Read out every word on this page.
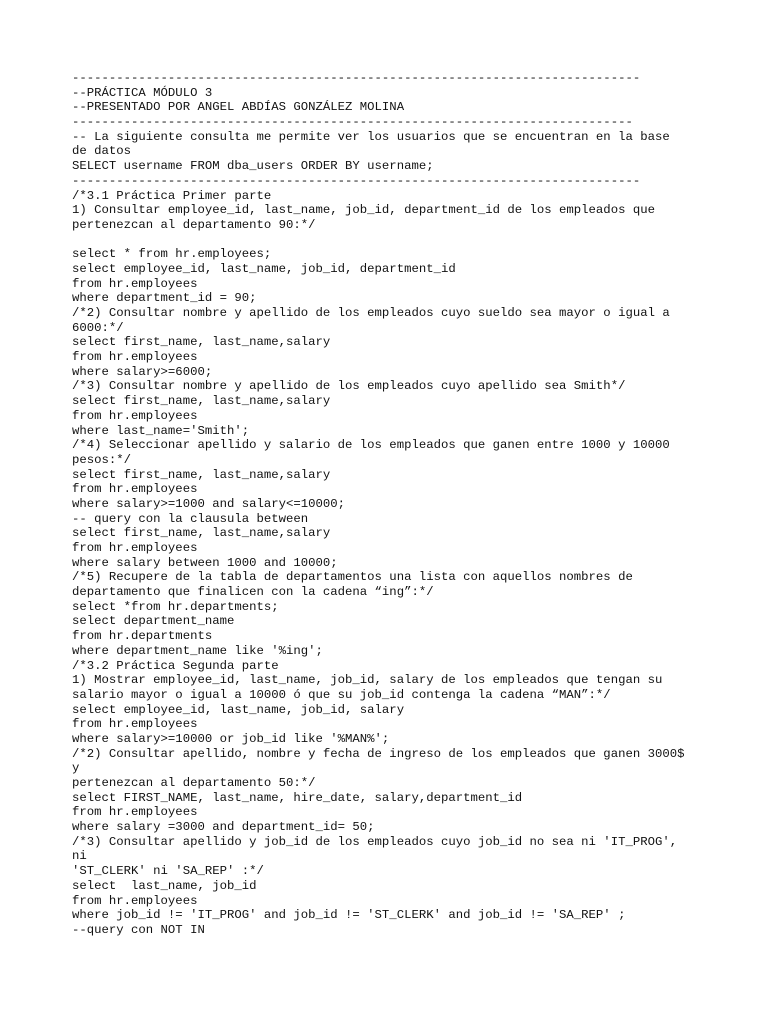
-----------------------------------------------------------------------------
--PRÁCTICA MÓDULO 3
--PRESENTADO POR ANGEL ABDÍAS GONZÁLEZ MOLINA
----------------------------------------------------------------------------
-- La siguiente consulta me permite ver los usuarios que se encuentran en la base
de datos
SELECT username FROM dba_users ORDER BY username;
-----------------------------------------------------------------------------
/*3.1 Práctica Primer parte
1) Consultar employee_id, last_name, job_id, department_id de los empleados que
pertenezcan al departamento 90:*/
select * from hr.employees;
select employee_id, last_name, job_id, department_id
from hr.employees
where department_id = 90;
/*2) Consultar nombre y apellido de los empleados cuyo sueldo sea mayor o igual a
6000:*/
select first_name, last_name,salary
from hr.employees
where salary>=6000;
/*3) Consultar nombre y apellido de los empleados cuyo apellido sea Smith*/
select first_name, last_name,salary
from hr.employees
where last_name='Smith';
/*4) Seleccionar apellido y salario de los empleados que ganen entre 1000 y 10000
pesos:*/
select first_name, last_name,salary
from hr.employees
where salary>=1000 and salary<=10000;
-- query con la clausula between
select first_name, last_name,salary
from hr.employees
where salary between 1000 and 10000;
/*5) Recupere de la tabla de departamentos una lista con aquellos nombres de
departamento que finalicen con la cadena “ing”:*/
select *from hr.departments;
select department_name
from hr.departments
where department_name like '%ing';
/*3.2 Práctica Segunda parte
1) Mostrar employee_id, last_name, job_id, salary de los empleados que tengan su
salario mayor o igual a 10000 ó que su job_id contenga la cadena “MAN”:*/
select employee_id, last_name, job_id, salary
from hr.employees
where salary>=10000 or job_id like '%MAN%';
/*2) Consultar apellido, nombre y fecha de ingreso de los empleados que ganen 3000$
y
pertenezcan al departamento 50:*/
select FIRST_NAME, last_name, hire_date, salary,department_id
from hr.employees
where salary =3000 and department_id= 50;
/*3) Consultar apellido y job_id de los empleados cuyo job_id no sea ni 'IT_PROG',
ni
'ST_CLERK' ni 'SA_REP' :*/
select  last_name, job_id
from hr.employees
where job_id != 'IT_PROG' and job_id != 'ST_CLERK' and job_id != 'SA_REP' ;
--query con NOT IN
